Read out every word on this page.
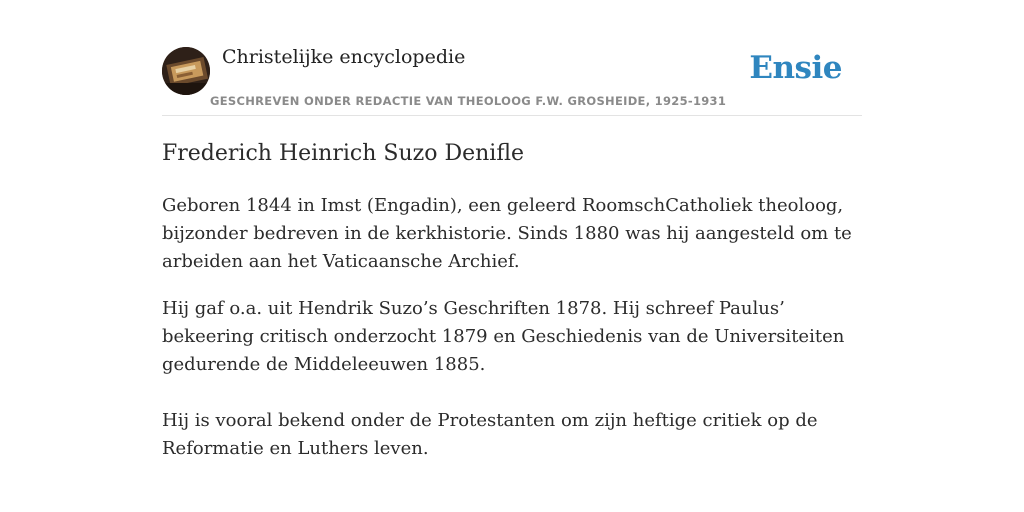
Christelijke encyclopedie
GESCHREVEN ONDER REDACTIE VAN THEOLOOG F.W. GROSHEIDE, 1925-1931
Ensie
Frederich Heinrich Suzo Denifle

Geboren 1844 in Imst (Engadin), een geleerd RoomschCatholiek theoloog, bijzonder bedreven in de kerkhistorie. Sinds 1880 was hij aangesteld om te arbeiden aan het Vaticaansche Archief.

Hij gaf o.a. uit Hendrik Suzo’s Geschriften 1878. Hij schreef Paulus’ bekeering critisch onderzocht 1879 en Geschiedenis van de Universiteiten gedurende de Middeleeuwen 1885.

Hij is vooral bekend onder de Protestanten om zijn heftige critiek op de Reformatie en Luthers leven.
